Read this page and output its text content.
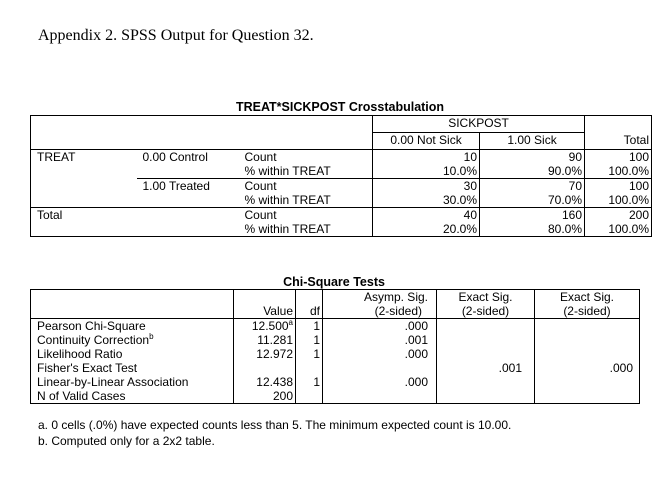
Appendix 2. SPSS Output for Question 32.
TREAT*SICKPOST Crosstabulation
			SICKPOST		
			0.00 Not Sick	1.00 Sick	Total
TREAT	0.00 Control	Count	10	90	100
		% within TREAT	10.0%	90.0%	100.0%
	1.00 Treated	Count	30	70	100
		% within TREAT	30.0%	70.0%	100.0%
Total		Count	40	160	200
		% within TREAT	20.0%	80.0%	100.0%
Chi-Square Tests
			Asymp. Sig.	Exact Sig.	Exact Sig.
	Value	df	(2-sided)	(2-sided)	(2-sided)
Pearson Chi-Square	12.500$^a$	1	.000		
Continuity Correction$^b$	11.281	1	.001		
Likelihood Ratio	12.972	1	.000		
Fisher's Exact Test				.001	.000
Linear-by-Linear Association	12.438	1	.000		
N of Valid Cases	200				
a. 0 cells (.0%) have expected counts less than 5. The minimum expected count is 10.00.
b. Computed only for a 2x2 table.
